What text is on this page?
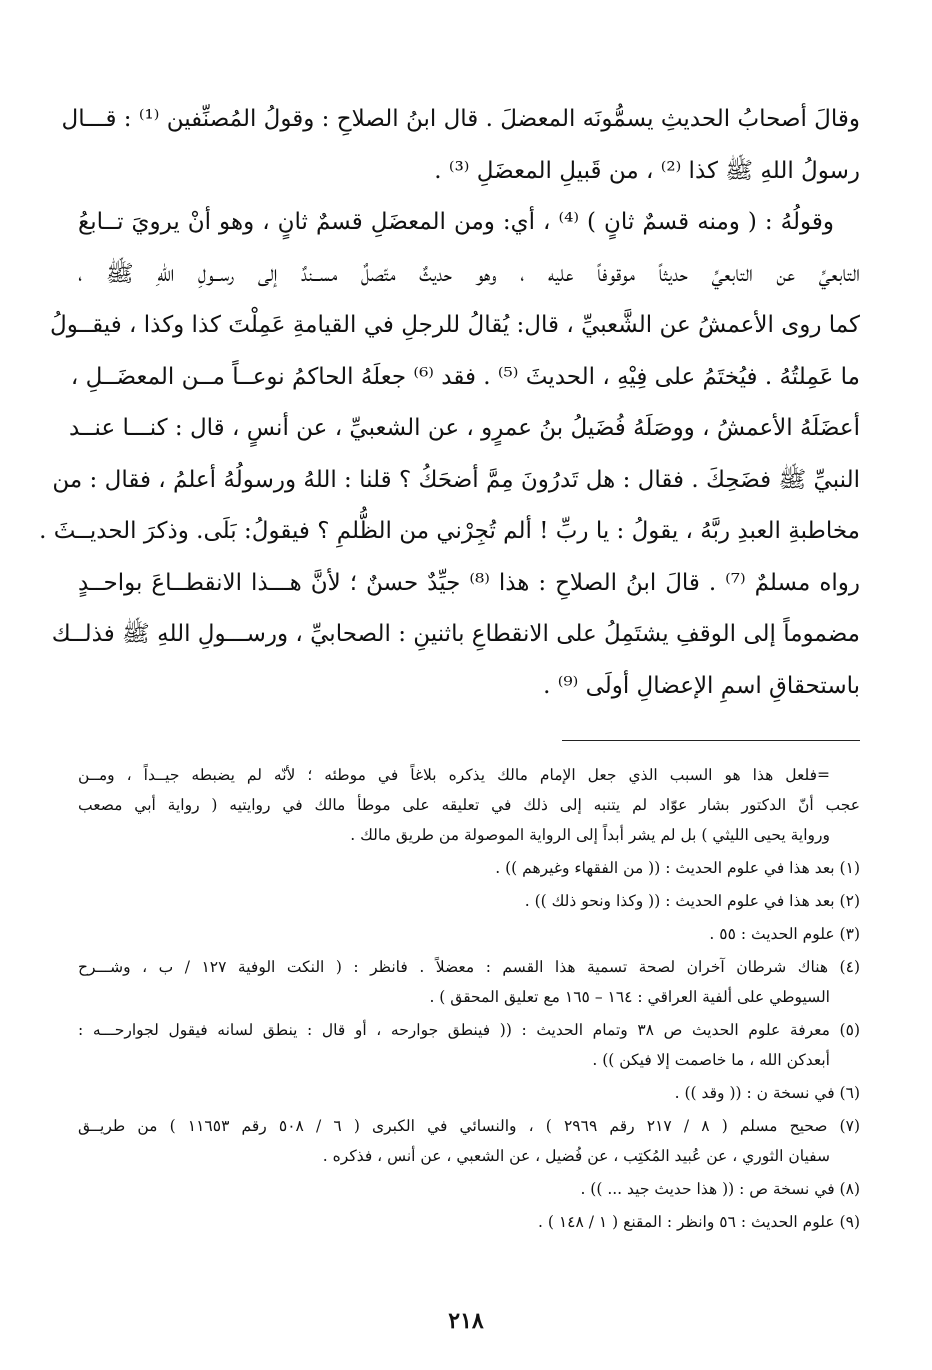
وقالَ أصحابُ الحديثِ يسمُّونَه المعضلَ . قال ابنُ الصلاحِ : وقولُ المُصنِّفين ⁽¹⁾ : قـــال
رسولُ اللهِ ﷺ كذا ⁽²⁾ ، من قَبيلِ المعضَلِ ⁽³⁾ .
وقولُهُ : ( ومنه قسمٌ ثانٍ ) ⁽⁴⁾ ، أي: ومن المعضَلِ قسمٌ ثانٍ ، وهو أنْ يرويَ تــابعُ
التابعيِّ عن التابعيِّ حديثاً موقوفاً عليه ، وهو حديثٌ متّصلٌ مســندٌ إلى رســولِ اللهِ ﷺ ،
كما روى الأعمشُ عن الشَّعبيِّ ، قال: يُقالُ للرجلِ في القيامةِ عَمِلْتَ كذا وكذا ، فيقــولُ
ما عَمِلتُهُ . فيُختَمُ على فِيْهِ ، الحديثَ ⁽⁵⁾ . فقد ⁽⁶⁾ جعلَهُ الحاكمُ نوعــاً مــن المعضَــلِ ،
أعضَلَهُ الأعمشُ ، ووصَلَهُ فُضَيلُ بنُ عمرٍو ، عن الشعبيِّ ، عن أنسٍ ، قال : كنـــا عنــد
النبيِّ ﷺ فضَحِكَ . فقال : هل تَدرُونَ مِمَّ أضحَكُ ؟ قلنا : اللهُ ورسولُهُ أعلمُ ، فقال : من
مخاطبةِ العبدِ ربَّهُ ، يقولُ : يا ربِّ ! ألم تُجِرْني من الظُّلمِ ؟ فيقولُ: بَلَى. وذكرَ الحديــثَ .
رواه مسلمٌ ⁽⁷⁾ . قالَ ابنُ الصلاحِ : هذا ⁽⁸⁾ جيِّدٌ حسنٌ ؛ لأنَّ هـــذا الانقطــاعَ بواحــدٍ
مضموماً إلى الوقفِ يشتَمِلُ على الانقطاعِ باثنينِ : الصحابيِّ ، ورســـولِ اللهِ ﷺ فذلــك
باستحقاقِ اسمِ الإعضالِ أولَى ⁽⁹⁾ .
=فلعل هذا هو السبب الذي جعل الإمام مالك يذكره بلاغاً في موطئه ؛ لأنّه لم يضبطه جيــداً ، ومــن
عجب أنّ الدكتور بشار عوّاد لم يتنبه إلى ذلك في تعليقه على موطأ مالك في روايتيه ( رواية أبي مصعب
ورواية يحيى الليثي ) بل لم يشر أبداً إلى الرواية الموصولة من طريق مالك .
(١) بعد هذا في علوم الحديث : (( من الفقهاء وغيرهم )) .
(٢) بعد هذا في علوم الحديث : (( وكذا ونحو ذلك )) .
(٣) علوم الحديث : ٥٥ .
(٤) هناك شرطان آخران لصحة تسمية هذا القسم : معضلاً . فانظر : ( النكت الوفية ١٢٧ / ب ، وشـــرح
السيوطي على ألفية العراقي : ١٦٤ – ١٦٥ مع تعليق المحقق ) .
(٥) معرفة علوم الحديث ص ٣٨ وتمام الحديث : (( فينطق جوارحه ، أو قال : ينطق لسانه فيقول لجوارحـــه :
أبعدكن الله ، ما خاصمت إلا فيكن )) .
(٦) في نسخة ن : (( وقد )) .
(٧) صحيح مسلم ( ٨ / ٢١٧ رقم ٢٩٦٩ ) ، والنسائي في الكبرى ( ٦ / ٥٠٨ رقم ١١٦٥٣ ) من طريــق
سفيان الثوري ، عن عُبيد المُكتِب ، عن فُضيل ، عن الشعبي ، عن أنس ، فذكره .
(٨) في نسخة ص : (( هذا حديث جيد ... )) .
(٩) علوم الحديث : ٥٦ وانظر : المقنع ( ١ / ١٤٨ ) .
٢١٨
